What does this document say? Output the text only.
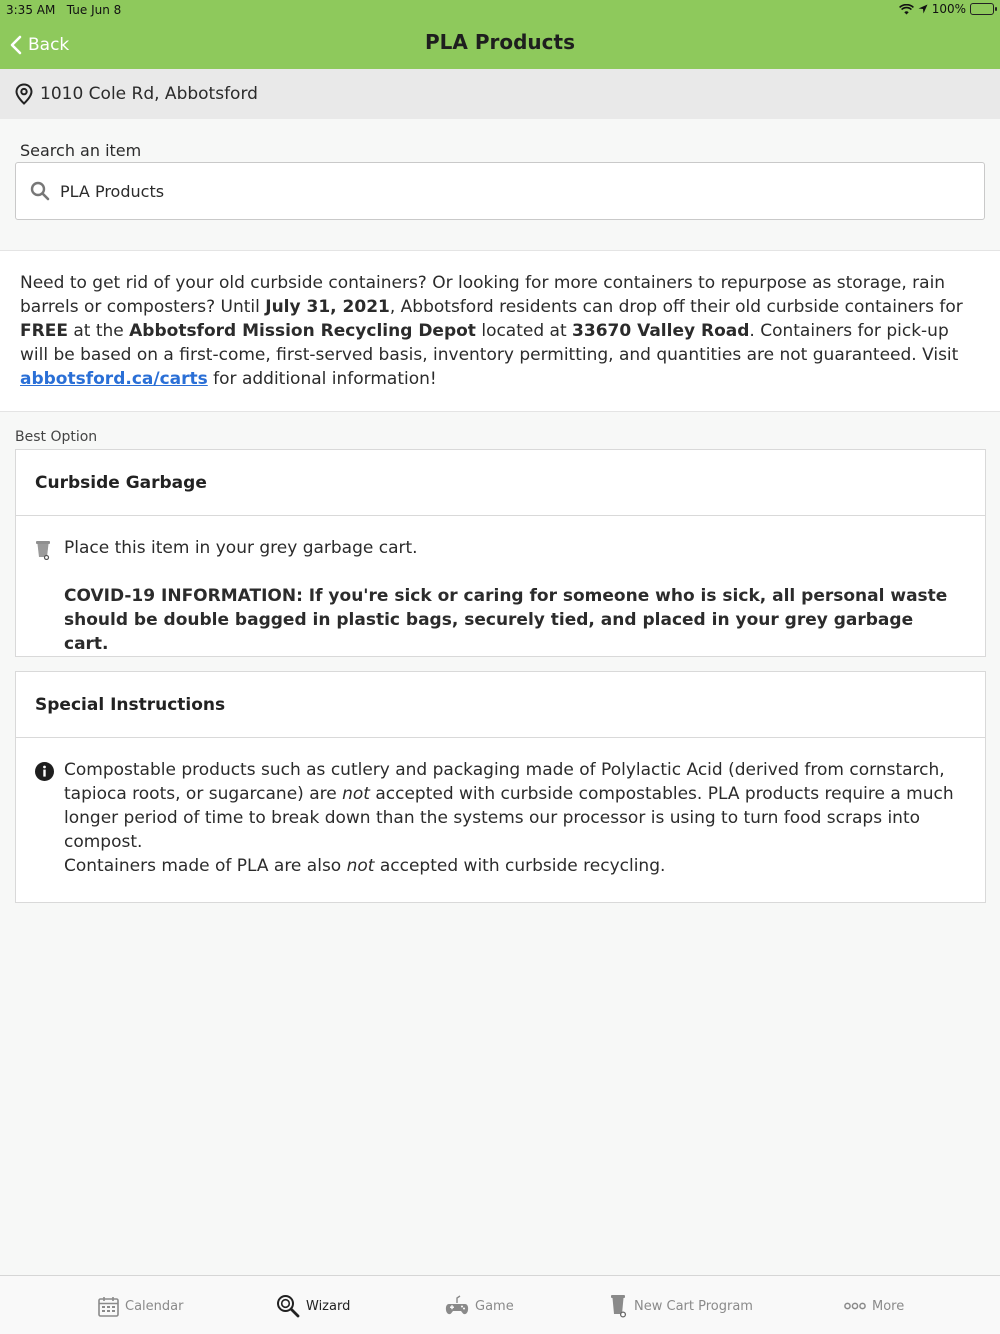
3:35 AM Tue Jun 8	100%
Back	PLA Products
1010 Cole Rd, Abbotsford
Search an item
PLA Products
Need to get rid of your old curbside containers? Or looking for more containers to repurpose as storage, rain barrels or composters? Until July 31, 2021, Abbotsford residents can drop off their old curbside containers for FREE at the Abbotsford Mission Recycling Depot located at 33670 Valley Road. Containers for pick-up will be based on a first-come, first-served basis, inventory permitting, and quantities are not guaranteed. Visit abbotsford.ca/carts for additional information!
Best Option
Curbside Garbage
Place this item in your grey garbage cart.
COVID-19 INFORMATION: If you're sick or caring for someone who is sick, all personal waste should be double bagged in plastic bags, securely tied, and placed in your grey garbage cart.
Special Instructions
Compostable products such as cutlery and packaging made of Polylactic Acid (derived from cornstarch, tapioca roots, or sugarcane) are not accepted with curbside compostables. PLA products require a much longer period of time to break down than the systems our processor is using to turn food scraps into compost.
Containers made of PLA are also not accepted with curbside recycling.
Calendar	Wizard	Game	New Cart Program	More
